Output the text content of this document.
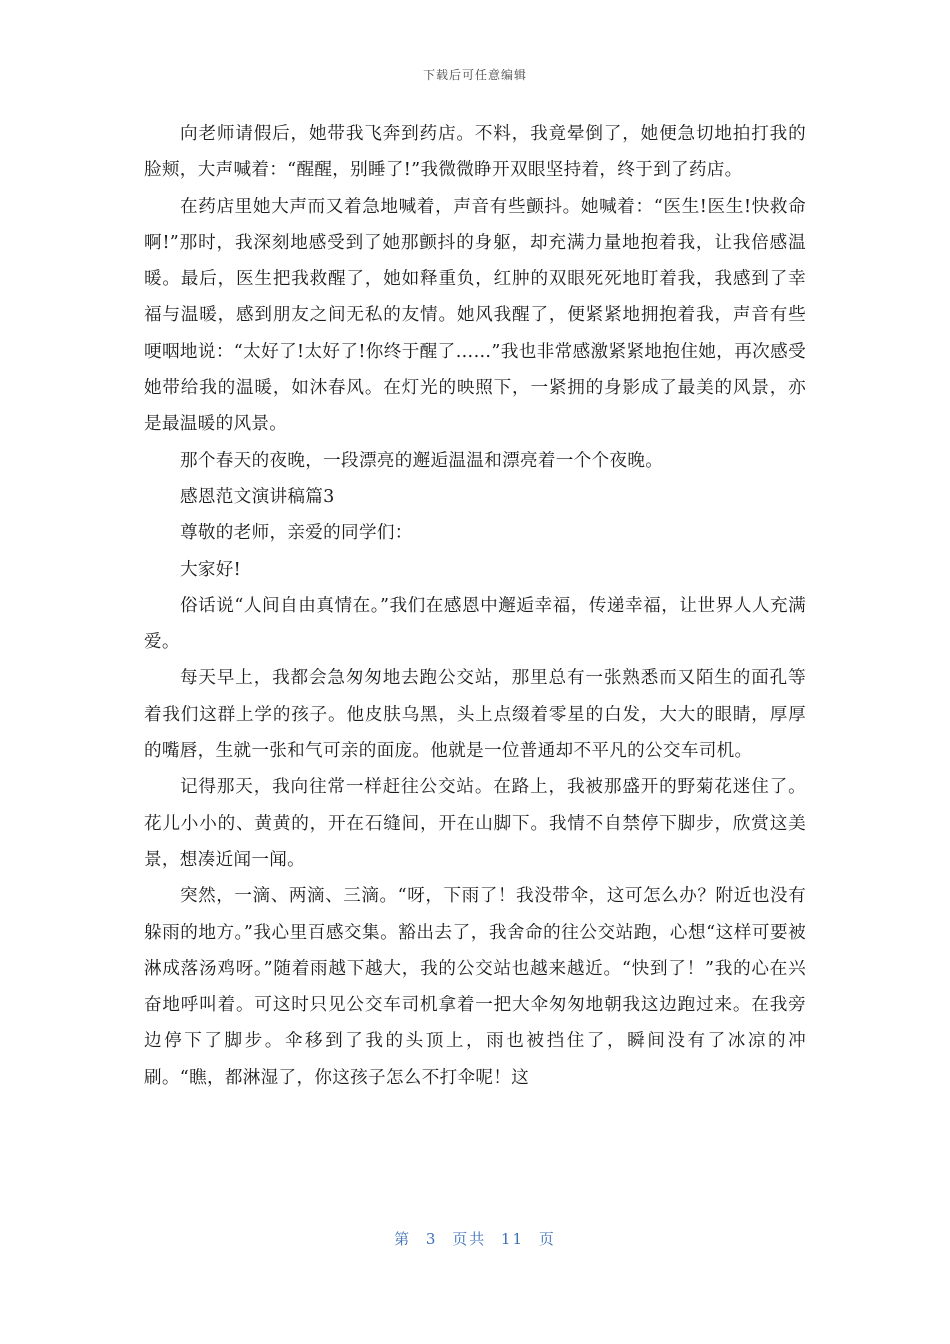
下载后可任意编辑

向老师请假后，她带我飞奔到药店。不料，我竟晕倒了，她便急切地拍打我的脸颊，大声喊着：“醒醒，别睡了!”我微微睁开双眼坚持着，终于到了药店。

在药店里她大声而又着急地喊着，声音有些颤抖。她喊着：“医生!医生!快救命啊!”那时，我深刻地感受到了她那颤抖的身躯，却充满力量地抱着我，让我倍感温暖。最后，医生把我救醒了，她如释重负，红肿的双眼死死地盯着我，我感到了幸福与温暖，感到朋友之间无私的友情。她风我醒了，便紧紧地拥抱着我，声音有些哽咽地说：“太好了!太好了!你终于醒了……”我也非常感激紧紧地抱住她，再次感受她带给我的温暖，如沐春风。在灯光的映照下，一紧拥的身影成了最美的风景，亦是最温暖的风景。

那个春天的夜晚，一段漂亮的邂逅温温和漂亮着一个个夜晚。

感恩范文演讲稿篇3

尊敬的老师，亲爱的同学们：

大家好!

俗话说“人间自由真情在。”我们在感恩中邂逅幸福，传递幸福，让世界人人充满爱。

每天早上，我都会急匆匆地去跑公交站，那里总有一张熟悉而又陌生的面孔等着我们这群上学的孩子。他皮肤乌黑，头上点缀着零星的白发，大大的眼睛，厚厚的嘴唇，生就一张和气可亲的面庞。他就是一位普通却不平凡的公交车司机。

记得那天，我向往常一样赶往公交站。在路上，我被那盛开的野菊花迷住了。花儿小小的、黄黄的，开在石缝间，开在山脚下。我情不自禁停下脚步，欣赏这美景，想凑近闻一闻。

突然，一滴、两滴、三滴。“呀，下雨了！我没带伞，这可怎么办？附近也没有躲雨的地方。”我心里百感交集。豁出去了，我舍命的往公交站跑，心想“这样可要被淋成落汤鸡呀。”随着雨越下越大，我的公交站也越来越近。“快到了！”我的心在兴奋地呼叫着。可这时只见公交车司机拿着一把大伞匆匆地朝我这边跑过来。在我旁边停下了脚步。伞移到了我的头顶上，雨也被挡住了，瞬间没有了冰凉的冲刷。“瞧，都淋湿了，你这孩子怎么不打伞呢！这

第 3 页共 11 页
